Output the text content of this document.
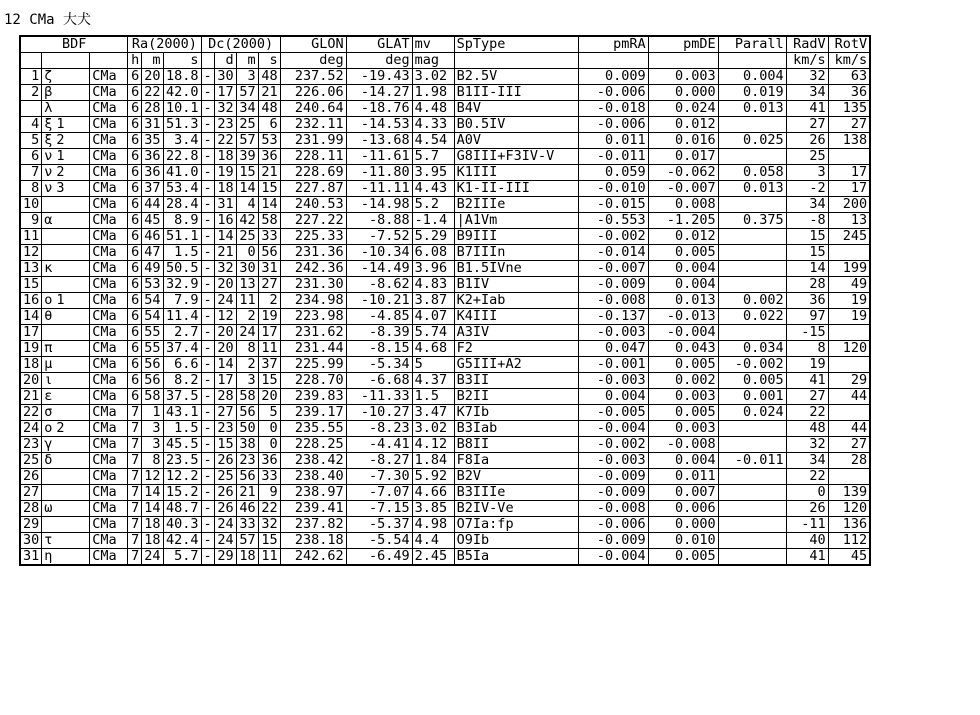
12 CMa 大犬
BDF			Ra(2000)			Dc(2000)				GLON	GLAT	mv	SpType	pmRA	pmDE	Parall	RadV	RotV
			h	m	s		d	m	s	deg	deg	mag					km/s	km/s
1	ζ	CMa	6	20	18.8	-	30	3	48	237.52	-19.43	3.02	B2.5V	0.009	0.003	0.004	32	63
2	β	CMa	6	22	42.0	-	17	57	21	226.06	-14.27	1.98	B1II-III	-0.006	0.000	0.019	34	36
	λ	CMa	6	28	10.1	-	32	34	48	240.64	-18.76	4.48	B4V	-0.018	0.024	0.013	41	135
4	ξ 1	CMa	6	31	51.3	-	23	25	6	232.11	-14.53	4.33	B0.5IV	-0.006	0.012		27	27
5	ξ 2	CMa	6	35	3.4	-	22	57	53	231.99	-13.68	4.54	A0V	0.011	0.016	0.025	26	138
6	ν 1	CMa	6	36	22.8	-	18	39	36	228.11	-11.61	5.7	G8III+F3IV-V	-0.011	0.017		25	
7	ν 2	CMa	6	36	41.0	-	19	15	21	228.69	-11.80	3.95	K1III	0.059	-0.062	0.058	3	17
8	ν 3	CMa	6	37	53.4	-	18	14	15	227.87	-11.11	4.43	K1-II-III	-0.010	-0.007	0.013	-2	17
10		CMa	6	44	28.4	-	31	4	14	240.53	-14.98	5.2	B2IIIe	-0.015	0.008		34	200
9	α	CMa	6	45	8.9	-	16	42	58	227.22	-8.88	-1.4	|A1Vm	-0.553	-1.205	0.375	-8	13
11		CMa	6	46	51.1	-	14	25	33	225.33	-7.52	5.29	B9III	-0.002	0.012		15	245
12		CMa	6	47	1.5	-	21	0	56	231.36	-10.34	6.08	B7IIIn	-0.014	0.005		15	
13	κ	CMa	6	49	50.5	-	32	30	31	242.36	-14.49	3.96	B1.5IVne	-0.007	0.004		14	199
15		CMa	6	53	32.9	-	20	13	27	231.30	-8.62	4.83	B1IV	-0.009	0.004		28	49
16	ο 1	CMa	6	54	7.9	-	24	11	2	234.98	-10.21	3.87	K2+Iab	-0.008	0.013	0.002	36	19
14	θ	CMa	6	54	11.4	-	12	2	19	223.98	-4.85	4.07	K4III	-0.137	-0.013	0.022	97	19
17		CMa	6	55	2.7	-	20	24	17	231.62	-8.39	5.74	A3IV	-0.003	-0.004		-15	
19	π	CMa	6	55	37.4	-	20	8	11	231.44	-8.15	4.68	F2	0.047	0.043	0.034	8	120
18	μ	CMa	6	56	6.6	-	14	2	37	225.99	-5.34	5	G5III+A2	-0.001	0.005	-0.002	19	
20	ι	CMa	6	56	8.2	-	17	3	15	228.70	-6.68	4.37	B3II	-0.003	0.002	0.005	41	29
21	ε	CMa	6	58	37.5	-	28	58	20	239.83	-11.33	1.5	B2II	0.004	0.003	0.001	27	44
22	σ	CMa	7	1	43.1	-	27	56	5	239.17	-10.27	3.47	K7Ib	-0.005	0.005	0.024	22	
24	ο 2	CMa	7	3	1.5	-	23	50	0	235.55	-8.23	3.02	B3Iab	-0.004	0.003		48	44
23	γ	CMa	7	3	45.5	-	15	38	0	228.25	-4.41	4.12	B8II	-0.002	-0.008		32	27
25	δ	CMa	7	8	23.5	-	26	23	36	238.42	-8.27	1.84	F8Ia	-0.003	0.004	-0.011	34	28
26		CMa	7	12	12.2	-	25	56	33	238.40	-7.30	5.92	B2V	-0.009	0.011		22	
27		CMa	7	14	15.2	-	26	21	9	238.97	-7.07	4.66	B3IIIe	-0.009	0.007		0	139
28	ω	CMa	7	14	48.7	-	26	46	22	239.41	-7.15	3.85	B2IV-Ve	-0.008	0.006		26	120
29		CMa	7	18	40.3	-	24	33	32	237.82	-5.37	4.98	O7Ia:fp	-0.006	0.000		-11	136
30	τ	CMa	7	18	42.4	-	24	57	15	238.18	-5.54	4.4	O9Ib	-0.009	0.010		40	112
31	η	CMa	7	24	5.7	-	29	18	11	242.62	-6.49	2.45	B5Ia	-0.004	0.005		41	45
